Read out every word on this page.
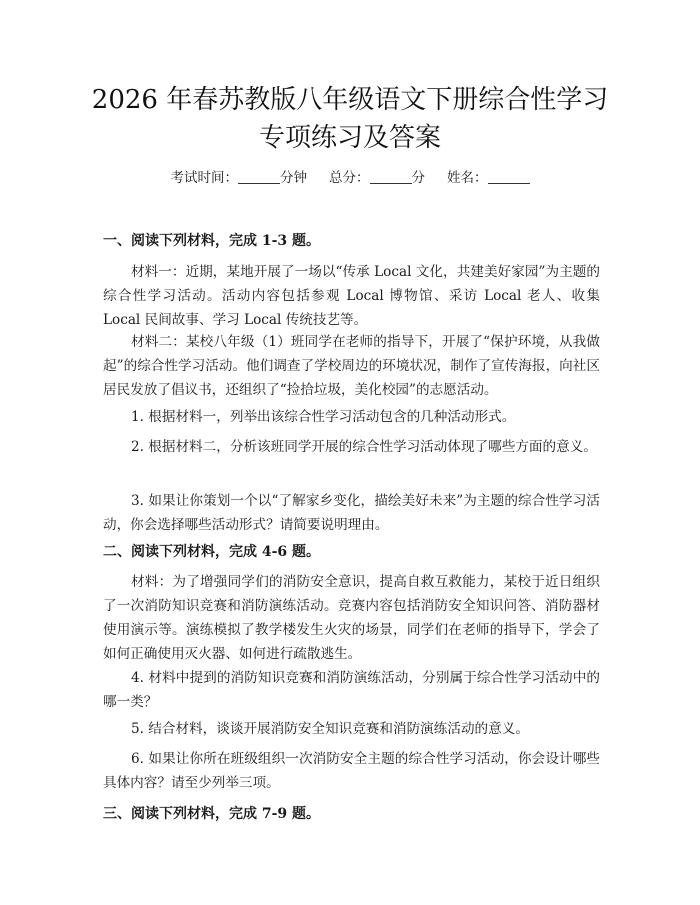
2026 年春苏教版八年级语文下册综合性学习
专项练习及答案
考试时间：	分钟 总分：	分 姓名：
一、阅读下列材料，完成 1-3 题。

材料一：近期，某地开展了一场以“传承 Local 文化，共建美好家园”为主题的综合性学习活动。活动内容包括参观 Local 博物馆、采访 Local 老人、收集 Local 民间故事、学习 Local 传统技艺等。

材料二：某校八年级（1）班同学在老师的指导下，开展了“保护环境，从我做起”的综合性学习活动。他们调查了学校周边的环境状况，制作了宣传海报，向社区居民发放了倡议书，还组织了“捡拾垃圾，美化校园”的志愿活动。

1. 根据材料一，列举出该综合性学习活动包含的几种活动形式。

2. 根据材料二，分析该班同学开展的综合性学习活动体现了哪些方面的意义。

3. 如果让你策划一个以“了解家乡变化，描绘美好未来”为主题的综合性学习活动，你会选择哪些活动形式？请简要说明理由。

二、阅读下列材料，完成 4-6 题。

材料：为了增强同学们的消防安全意识，提高自救互救能力，某校于近日组织了一次消防知识竞赛和消防演练活动。竞赛内容包括消防安全知识问答、消防器材使用演示等。演练模拟了教学楼发生火灾的场景，同学们在老师的指导下，学会了如何正确使用灭火器、如何进行疏散逃生。

4. 材料中提到的消防知识竞赛和消防演练活动，分别属于综合性学习活动中的哪一类？

5. 结合材料，谈谈开展消防安全知识竞赛和消防演练活动的意义。

6. 如果让你所在班级组织一次消防安全主题的综合性学习活动，你会设计哪些具体内容？请至少列举三项。

三、阅读下列材料，完成 7-9 题。
